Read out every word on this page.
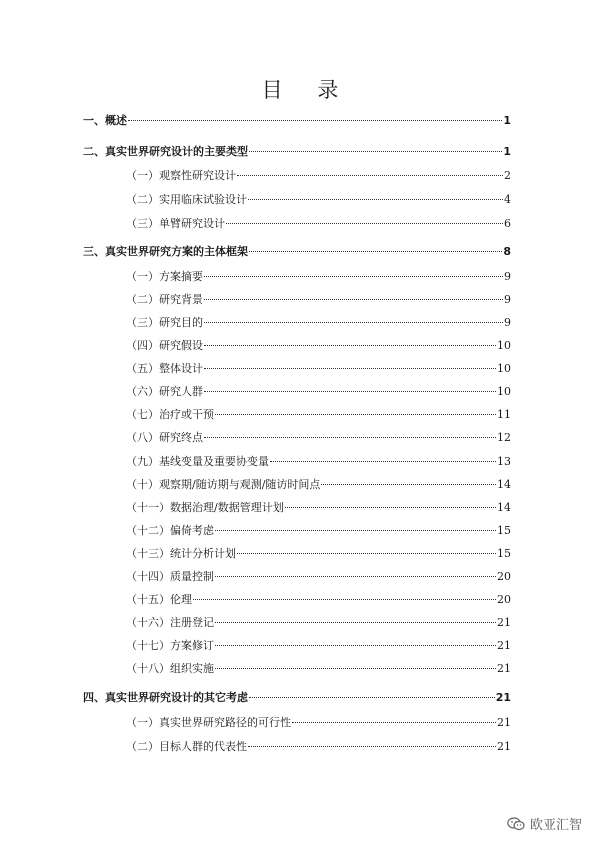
目 录
一、概述	1
二、真实世界研究设计的主要类型	1
（一）观察性研究设计	2
（二）实用临床试验设计	4
（三）单臂研究设计	6
三、真实世界研究方案的主体框架	8
（一）方案摘要	9
（二）研究背景	9
（三）研究目的	9
（四）研究假设	10
（五）整体设计	10
（六）研究人群	10
（七）治疗或干预	11
（八）研究终点	12
（九）基线变量及重要协变量	13
（十）观察期/随访期与观测/随访时间点	14
（十一）数据治理/数据管理计划	14
（十二）偏倚考虑	15
（十三）统计分析计划	15
（十四）质量控制	20
（十五）伦理	20
（十六）注册登记	21
（十七）方案修订	21
（十八）组织实施	21
四、真实世界研究设计的其它考虑	21
（一）真实世界研究路径的可行性	21
（二）目标人群的代表性	21
欧亚汇智
